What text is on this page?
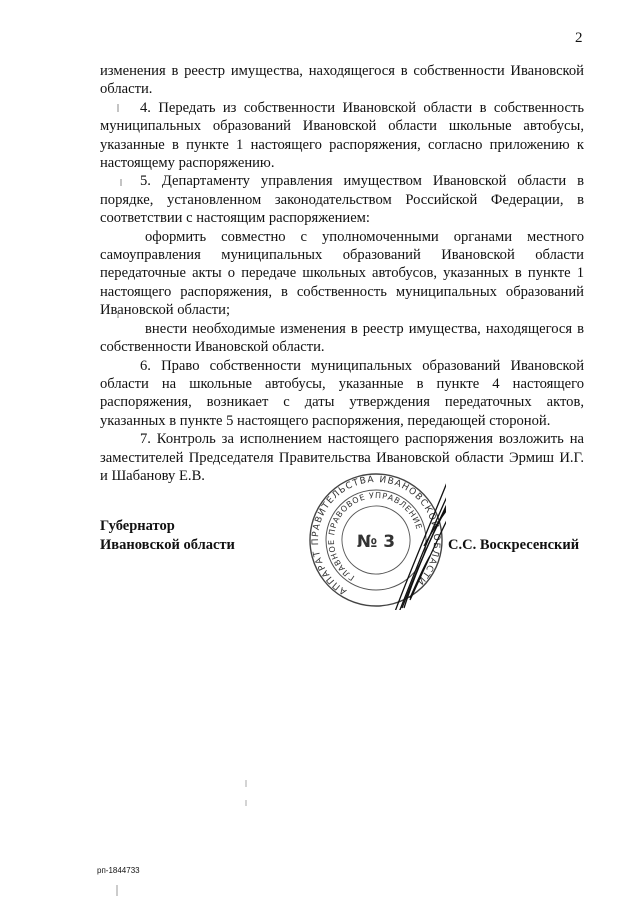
2

изменения в реестр имущества, находящегося в собственности Ивановской области.

4. Передать из собственности Ивановской области в собственность муниципальных образований Ивановской области школьные автобусы, указанные в пункте 1 настоящего распоряжения, согласно приложению к настоящему распоряжению.

5. Департаменту управления имуществом Ивановской области в порядке, установленном законодательством Российской Федерации, в соответствии с настоящим распоряжением:

оформить совместно с уполномоченными органами местного самоуправления муниципальных образований Ивановской области передаточные акты о передаче школьных автобусов, указанных в пункте 1 настоящего распоряжения, в собственность муниципальных образований Ивановской области;

внести необходимые изменения в реестр имущества, находящегося в собственности Ивановской области.

6. Право собственности муниципальных образований Ивановской области на школьные автобусы, указанные в пункте 4 настоящего распоряжения, возникает с даты утверждения передаточных актов, указанных в пункте 5 настоящего распоряжения, передающей стороной.

7. Контроль за исполнением настоящего распоряжения возложить на заместителей Председателя Правительства Ивановской области Эрмиш И.Г. и Шабанову Е.В.

Губернатор
Ивановской области
АППАРАТ ПРАВИТЕЛЬСТВА ИВАНОВСКОЙ ОБЛАСТИ
ГЛАВНОЕ ПРАВОВОЕ УПРАВЛЕНИЕ
№ 3	С.С. Воскресенский
рп-1844733
